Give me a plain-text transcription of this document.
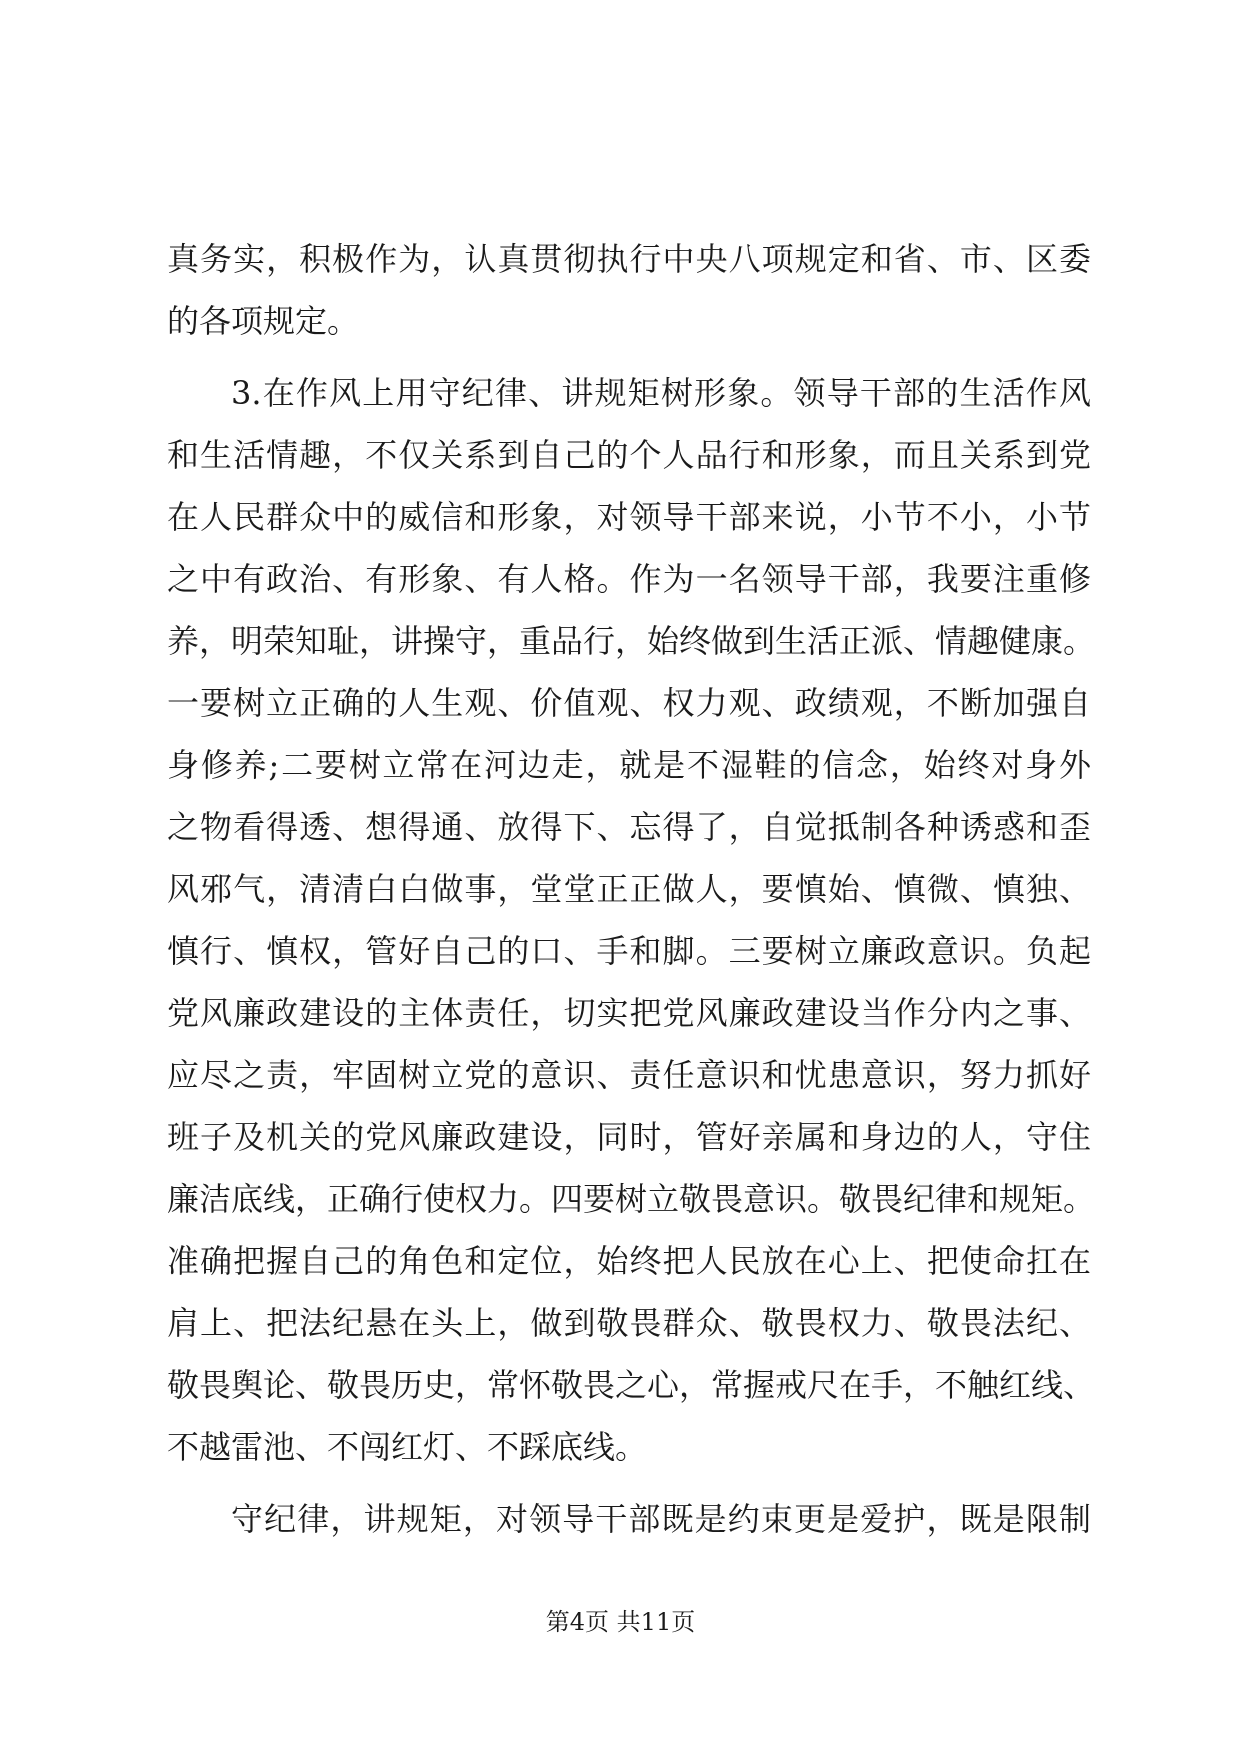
真务实，积极作为，认真贯彻执行中央八项规定和省、市、区委
的各项规定。
3.在作风上用守纪律、讲规矩树形象。领导干部的生活作风
和生活情趣，不仅关系到自己的个人品行和形象，而且关系到党
在人民群众中的威信和形象，对领导干部来说，小节不小，小节
之中有政治、有形象、有人格。作为一名领导干部，我要注重修
养，明荣知耻，讲操守，重品行，始终做到生活正派、情趣健康。
一要树立正确的人生观、价值观、权力观、政绩观，不断加强自
身修养;二要树立常在河边走，就是不湿鞋的信念，始终对身外
之物看得透、想得通、放得下、忘得了，自觉抵制各种诱惑和歪
风邪气，清清白白做事，堂堂正正做人，要慎始、慎微、慎独、
慎行、慎权，管好自己的口、手和脚。三要树立廉政意识。负起
党风廉政建设的主体责任，切实把党风廉政建设当作分内之事、
应尽之责，牢固树立党的意识、责任意识和忧患意识，努力抓好
班子及机关的党风廉政建设，同时，管好亲属和身边的人，守住
廉洁底线，正确行使权力。四要树立敬畏意识。敬畏纪律和规矩。
准确把握自己的角色和定位，始终把人民放在心上、把使命扛在
肩上、把法纪悬在头上，做到敬畏群众、敬畏权力、敬畏法纪、
敬畏舆论、敬畏历史，常怀敬畏之心，常握戒尺在手，不触红线、
不越雷池、不闯红灯、不踩底线。
守纪律，讲规矩，对领导干部既是约束更是爱护，既是限制
第4页 共11页
